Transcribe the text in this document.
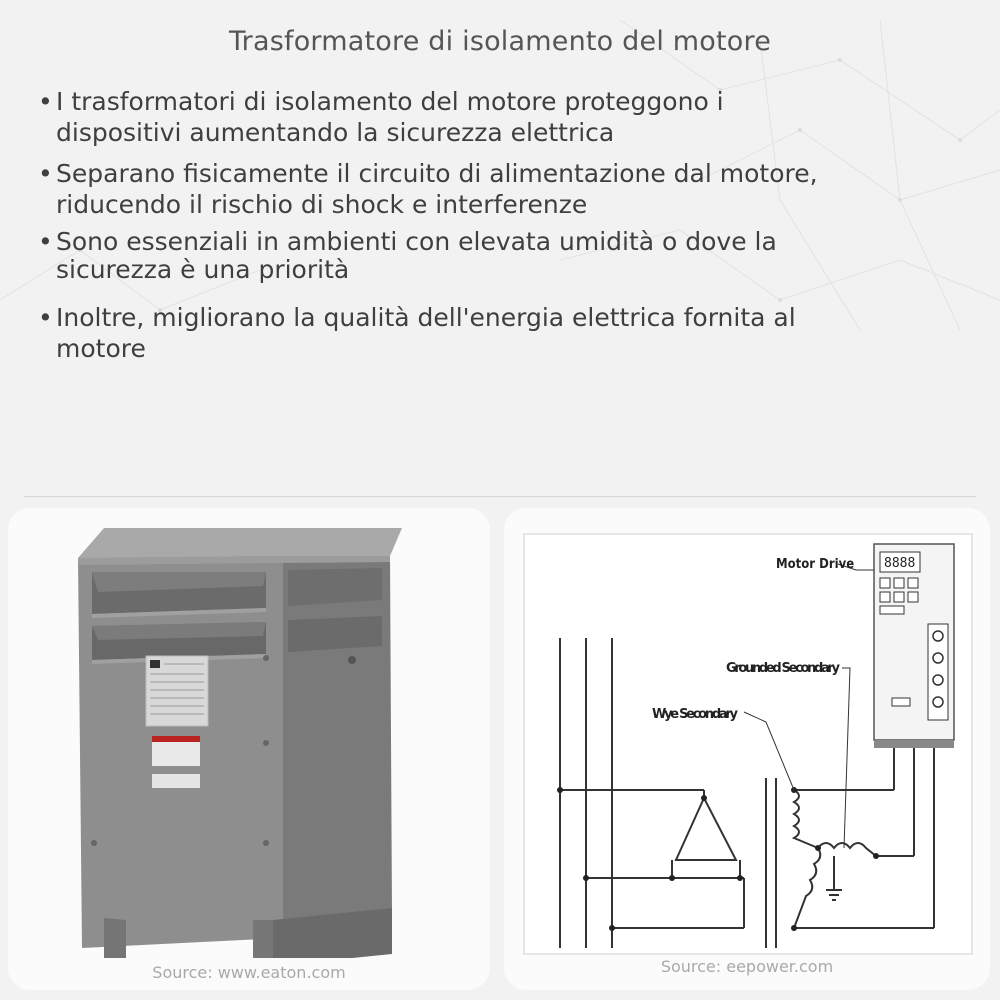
Trasformatore di isolamento del motore
• I trasformatori di isolamento del motore proteggono i
dispositivi aumentando la sicurezza elettrica
• Separano fisicamente il circuito di alimentazione dal motore,
riducendo il rischio di shock e interferenze
• Sono essenziali in ambienti con elevata umidità o dove la
sicurezza è una priorità
• Inoltre, migliorano la qualità dell'energia elettrica fornita al
motore
Source: www.eaton.com
8888
Motor Drive
Grounded Secondary
Wye Secondary
Source: eepower.com
